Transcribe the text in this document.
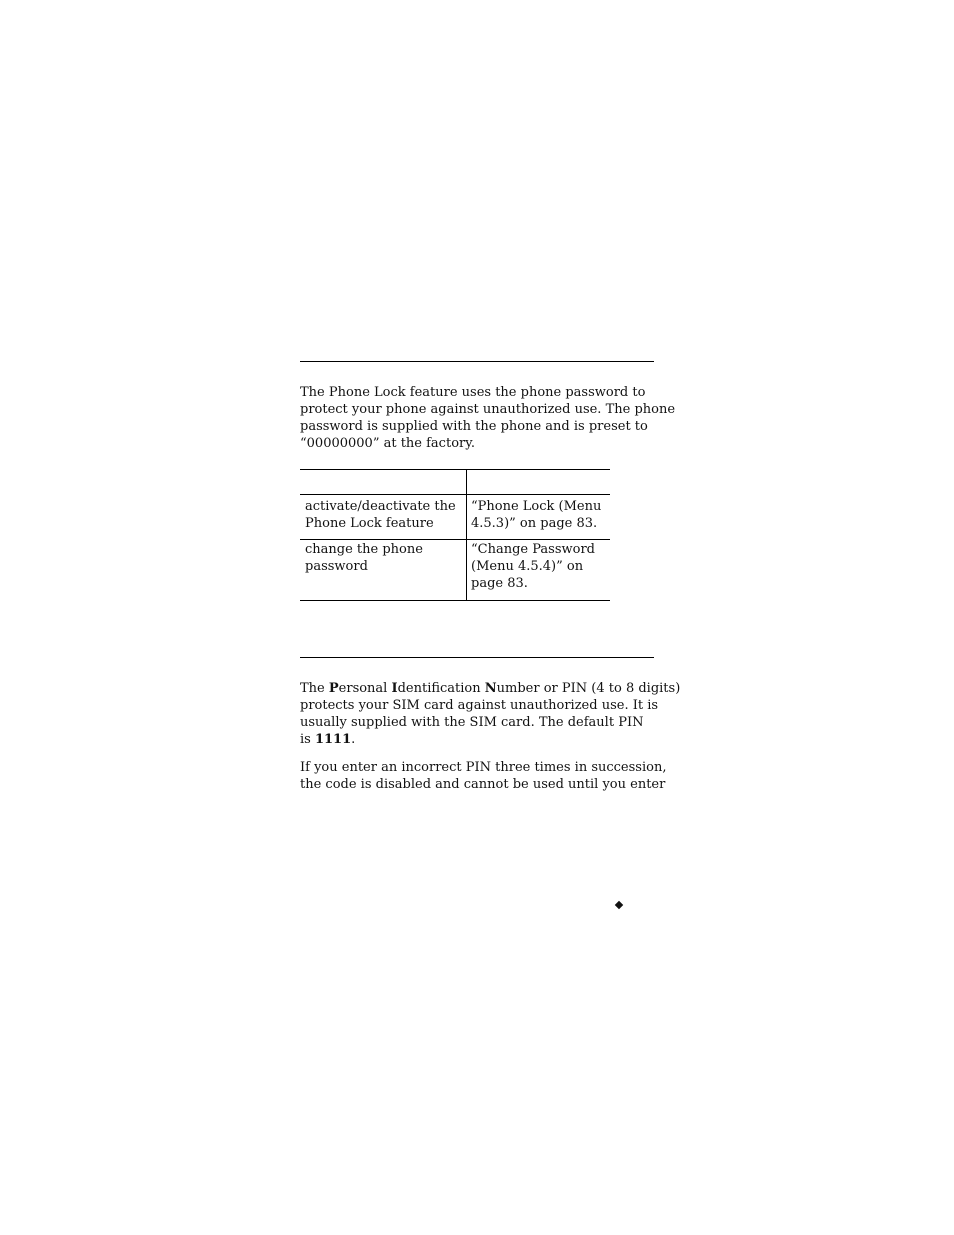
The Phone Lock feature uses the phone password to
protect your phone against unauthorized use. The phone
password is supplied with the phone and is preset to
“00000000” at the factory.

activate/deactivate the
Phone Lock feature
“Phone Lock (Menu
4.5.3)” on page 83.
change the phone
password
“Change Password
(Menu 4.5.4)” on
page 83.

The Personal Identification Number or PIN (4 to 8 digits)
protects your SIM card against unauthorized use. It is
usually supplied with the SIM card. The default PIN
is 1111.

If you enter an incorrect PIN three times in succession,
the code is disabled and cannot be used until you enter
